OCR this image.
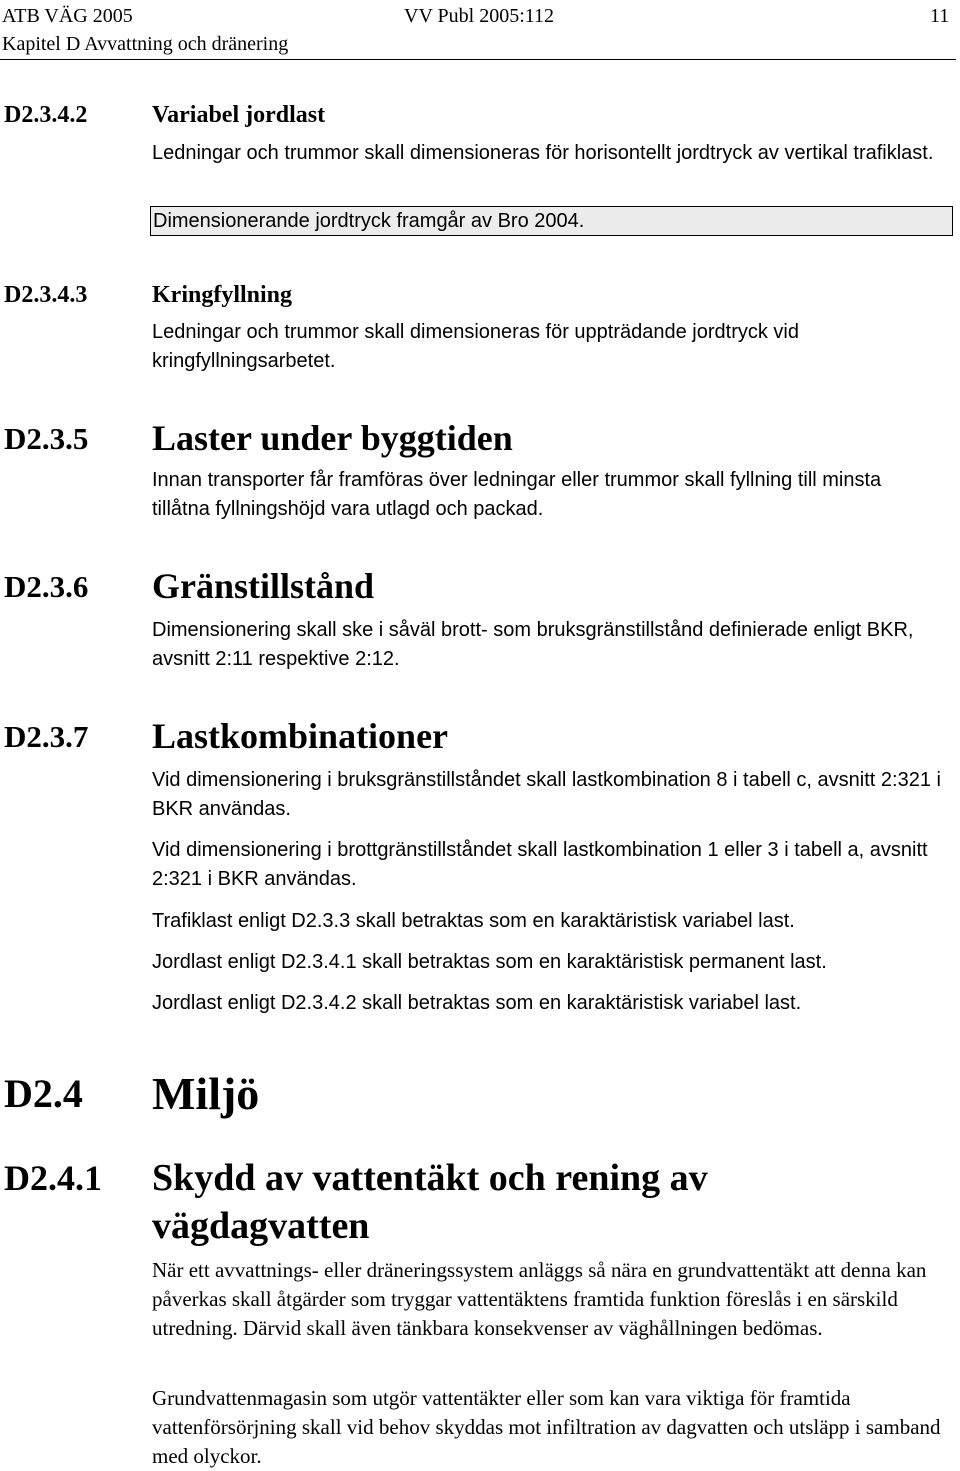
ATB VÄG 2005	VV Publ 2005:112	11
Kapitel D Avvattning och dränering
D2.3.4.2	Variabel jordlast

Ledningar och trummor skall dimensioneras för horisontellt jordtryck av vertikal trafiklast.

Dimensionerande jordtryck framgår av Bro 2004.
D2.3.4.3	Kringfyllning

Ledningar och trummor skall dimensioneras för uppträdande jordtryck vid kringfyllningsarbetet.

D2.3.5 Laster under byggtiden

Innan transporter får framföras över ledningar eller trummor skall fyllning till minsta tillåtna fyllningshöjd vara utlagd och packad.

D2.3.6 Gränstillstånd

Dimensionering skall ske i såväl brott- som bruksgränstillstånd definierade enligt BKR, avsnitt 2:11 respektive 2:12.

D2.3.7 Lastkombinationer

Vid dimensionering i bruksgränstillståndet skall lastkombination 8 i tabell c, avsnitt 2:321 i BKR användas.

Vid dimensionering i brottgränstillståndet skall lastkombination 1 eller 3 i tabell a, avsnitt 2:321 i BKR användas.

Trafiklast enligt D2.3.3 skall betraktas som en karaktäristisk variabel last.

Jordlast enligt D2.3.4.1 skall betraktas som en karaktäristisk permanent last.

Jordlast enligt D2.3.4.2 skall betraktas som en karaktäristisk variabel last.

D2.4 Miljö
D2.4.1 Skydd av vattentäkt och rening av vägdagvatten

När ett avvattnings- eller dräneringssystem anläggs så nära en grundvattentäkt att denna kan påverkas skall åtgärder som tryggar vattentäktens framtida funktion föreslås i en särskild utredning. Därvid skall även tänkbara konsekvenser av väghållningen bedömas.

Grundvattenmagasin som utgör vattentäkter eller som kan vara viktiga för framtida vattenförsörjning skall vid behov skyddas mot infiltration av dagvatten och utsläpp i samband med olyckor.
